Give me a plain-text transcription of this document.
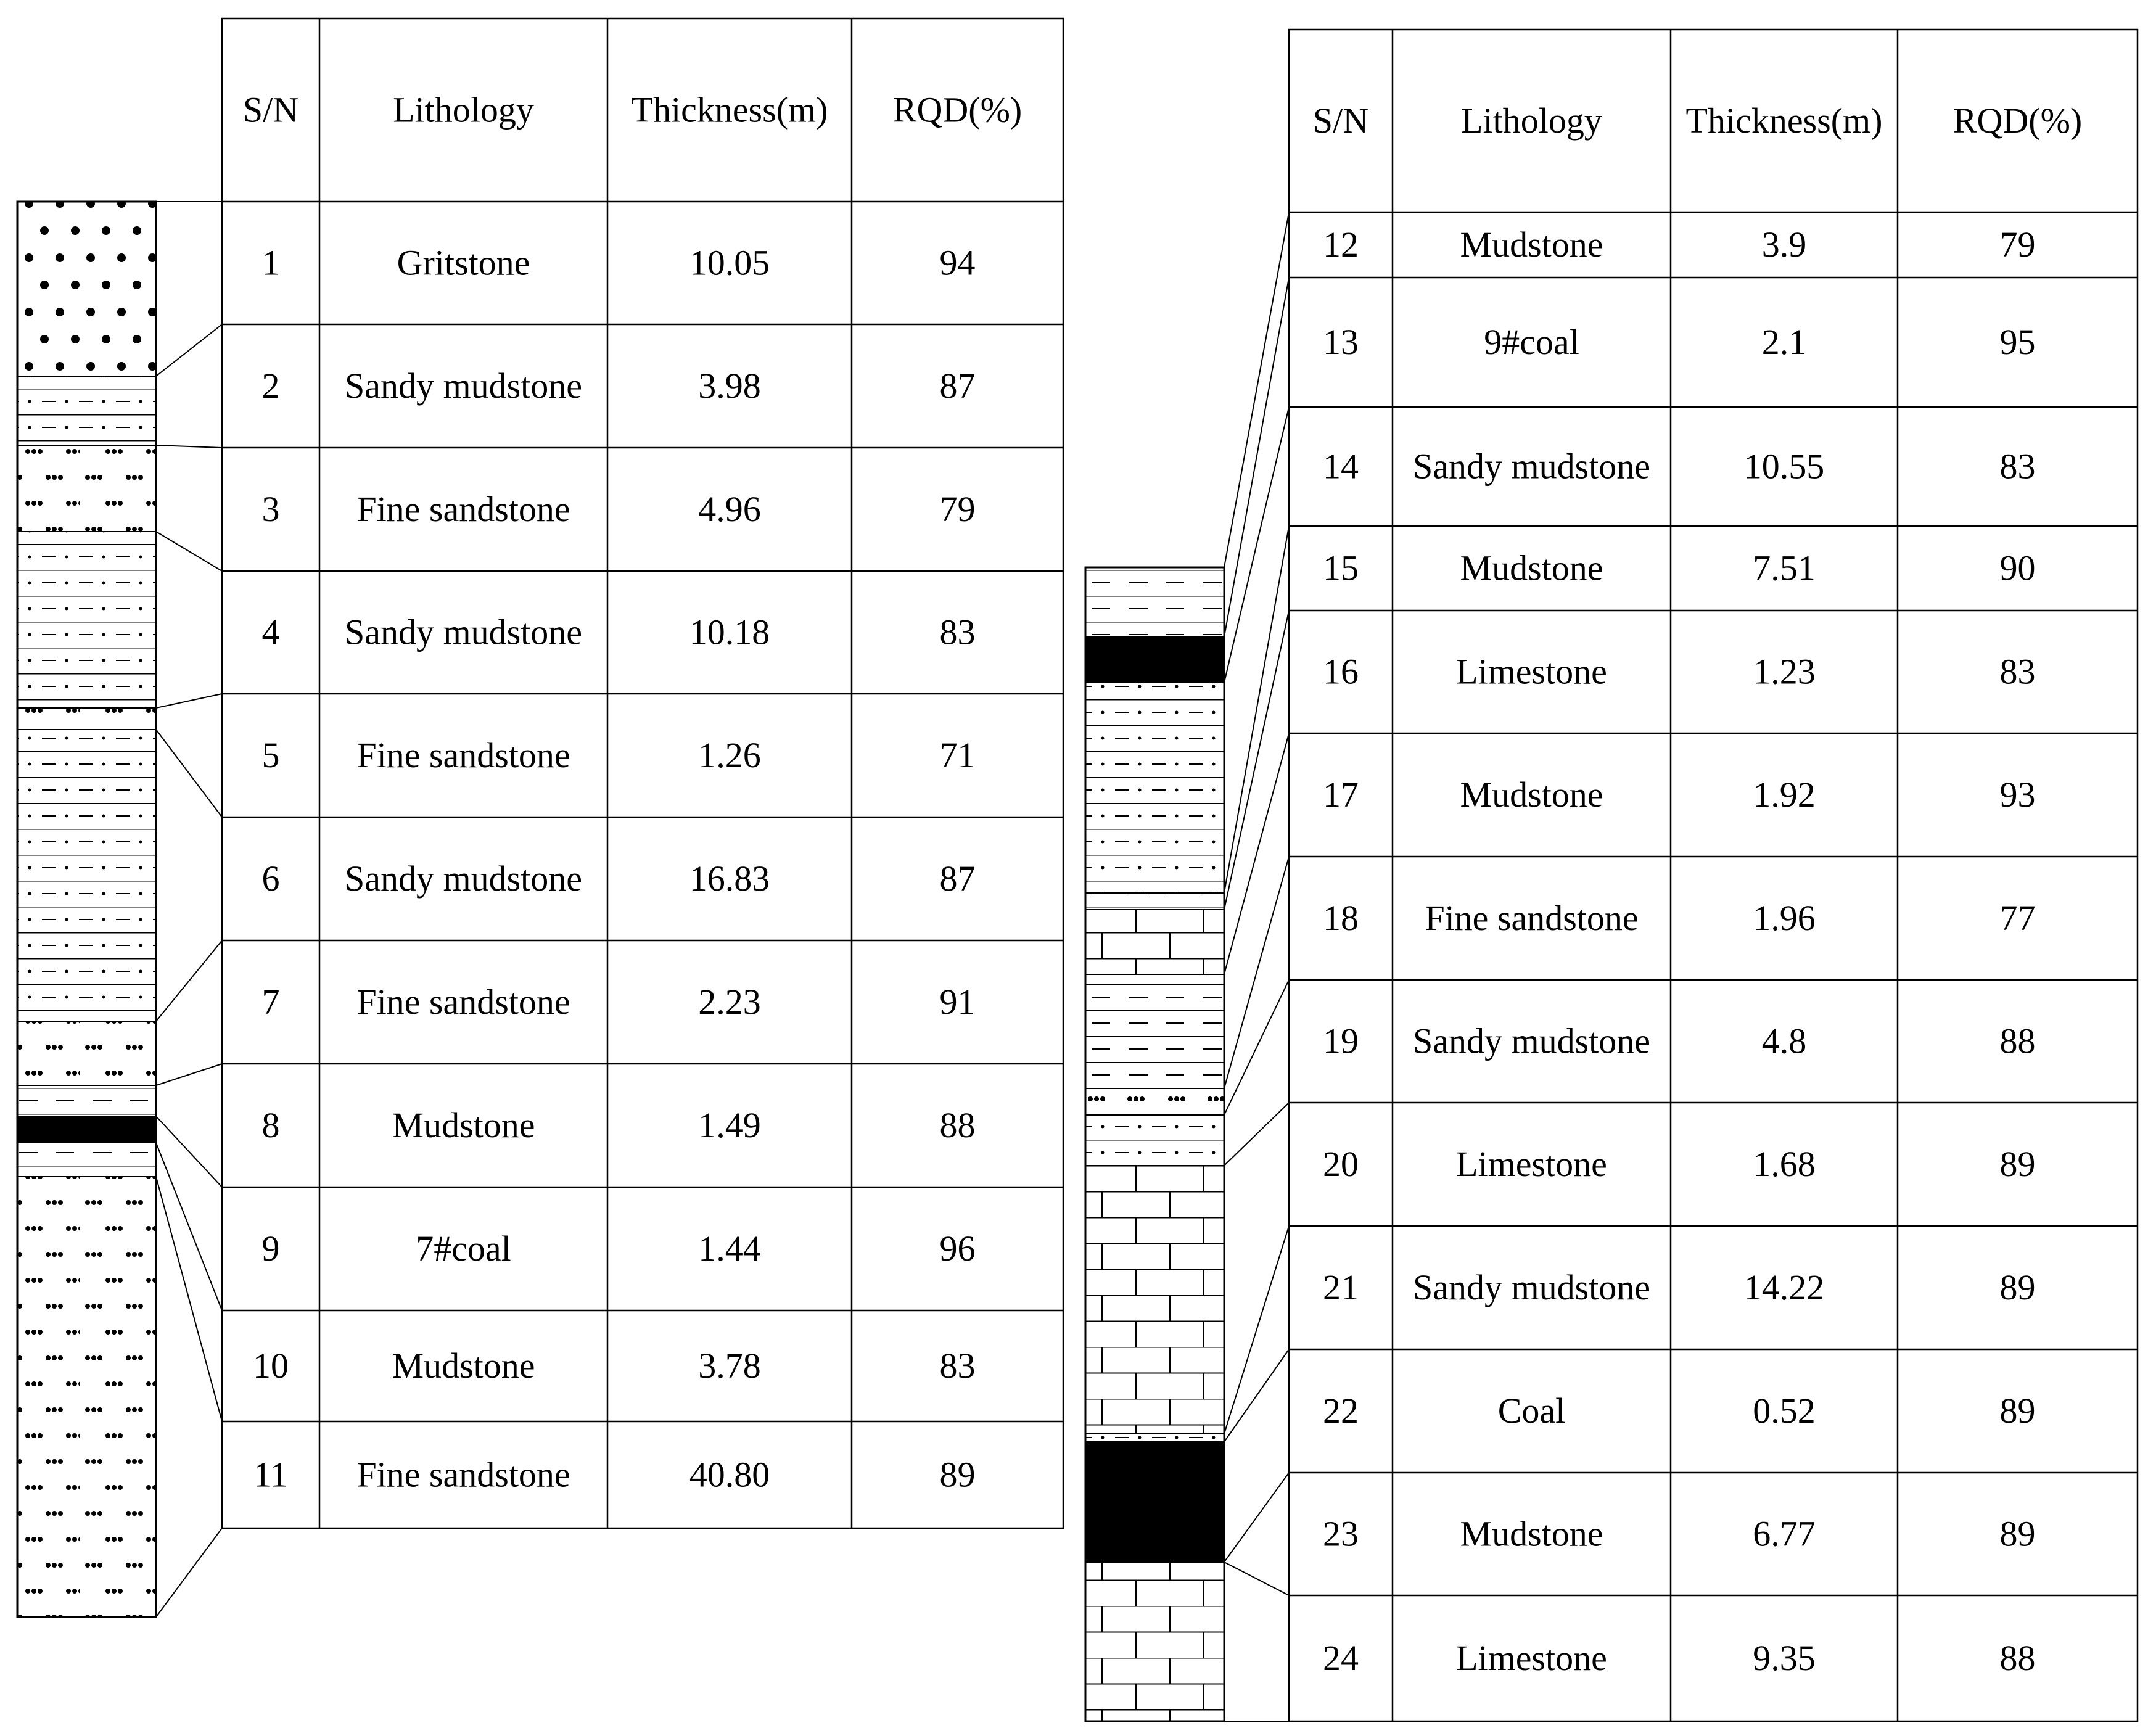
S/N	Lithology	Thickness(m) RQD(%)
1	Gritstone	10.05	94
2 Sandy mudstone	3.98	87
3 Fine sandstone	4.96	79
4 Sandy mudstone	10.18	83
5 Fine sandstone	1.26	71
6 Sandy mudstone	16.83	87
7 Fine sandstone	2.23	91
8	Mudstone	1.49	88
9	7#coal	1.44	96
10	Mudstone	3.78	83
11 Fine sandstone	40.80	89
S/N	Lithology Thickness(m) RQD(%)
12	Mudstone	3.9	79
13	9#coal	2.1	95
14 Sandy mudstone	10.55	83
15	Mudstone	7.51	90
16	Limestone	1.23	83
17	Mudstone	1.92	93
18 Fine sandstone	1.96	77
19 Sandy mudstone	4.8	88
20	Limestone	1.68	89
21 Sandy mudstone	14.22	89
22	Coal	0.52	89
23	Mudstone	6.77	89
24	Limestone	9.35	88
